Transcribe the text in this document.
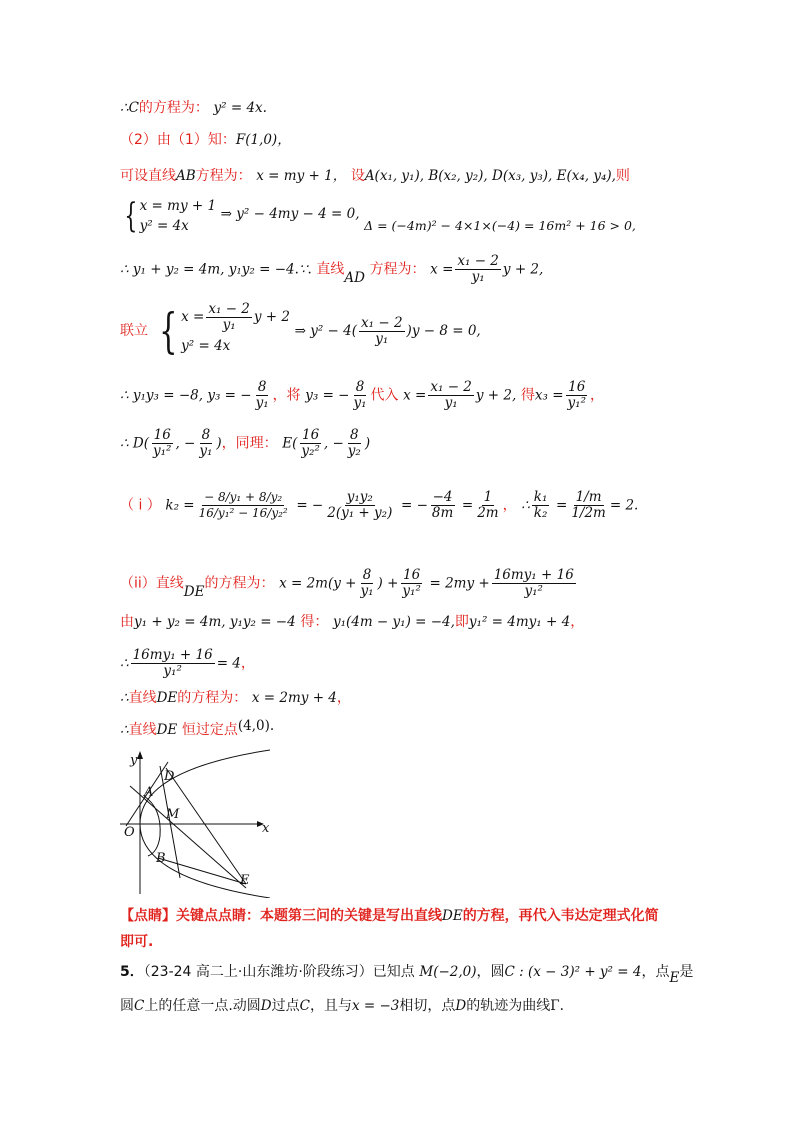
∴C的方程为： y² = 4x.
（2）由（1）知：F(1,0)，
可设直线AB方程为： x = my + 1， 设A(x₁, y₁), B(x₂, y₂), D(x₃, y₃), E(x₄, y₄),则
{ x = my + 1
y² = 4x
⇒ y² − 4my − 4 = 0, Δ = (−4m)² − 4×1×(−4) = 16m² + 16 > 0,
∴ y₁ + y₂ = 4m, y₁y₂ = −4.∵. 直线AD 方程为： $x = \frac{\text{x₁ − 2}}{\text{y₁}}$ y + 2,
联立 { $x = \frac{\text{x₁ − 2}}{\text{y₁}}$ y + 2
y² = 4x
⇒ $y^2 - 4( \frac{\text{x₁ − 2}}{\text{y₁}} )y - 8 = 0$,
∴ y₁y₃ = −8, y₃ = − $\frac{8}{\text{y₁}}$ ，将 y₃ = − $\frac{8}{\text{y₁}}$ 代入 $x = \frac{\text{x₁ − 2}}{\text{y₁}}$ y + 2, 得$x_3 = \frac{16}{\text{y₁²}}$ ，
∴ $D( \frac{16}{\text{y₁²}}$ , − $\frac{8}{\text{y₁}}$ )，同理： $E( \frac{16}{\text{y₂²}}$ , − $\frac{8}{\text{y₂}}$ )
（ i ） $k_2 = \frac{\text{− 8/y₁ + 8/y₂}}{\text{16/y₁² − 16/y₂²}}$ = − $\frac{\text{y₁y₂}}{\text{2(y₁ + y₂)}}$ = − $\frac{-4}{8m} = \frac{1}{2m}$ ， ∴ $\frac{\text{k₁}}{\text{k₂}} = \frac{1/m}{1/2m} = 2$.
（ii）直线DE的方程为： $x = 2m(y + \frac{8}{\text{y₁}}$ ) + $\frac{16}{\text{y₁²}} = 2my + \frac{\text{16my₁ + 16}}{\text{y₁²}}$
由y₁ + y₂ = 4m, y₁y₂ = −4 得： y₁(4m − y₁) = −4,即y₁² = 4my₁ + 4，
∴ $\frac{\text{16my₁ + 16}}{\text{y₁²}} = 4$，
∴直线DE的方程为： x = 2my + 4，
∴直线DE 恒过定点(4,0).
y
x
O
A
B
D
M
E
【点睛】关键点点睛：本题第三问的关键是写出直线DE的方程，再代入韦达定理式化简
即可.
5．（23-24 高二上·山东潍坊·阶段练习）已知点 M(−2,0)，圆C : (x − 3)² + y² = 4，点E是
圆C上的任意一点.动圆D过点C，且与x = −3相切，点D的轨迹为曲线Γ.
